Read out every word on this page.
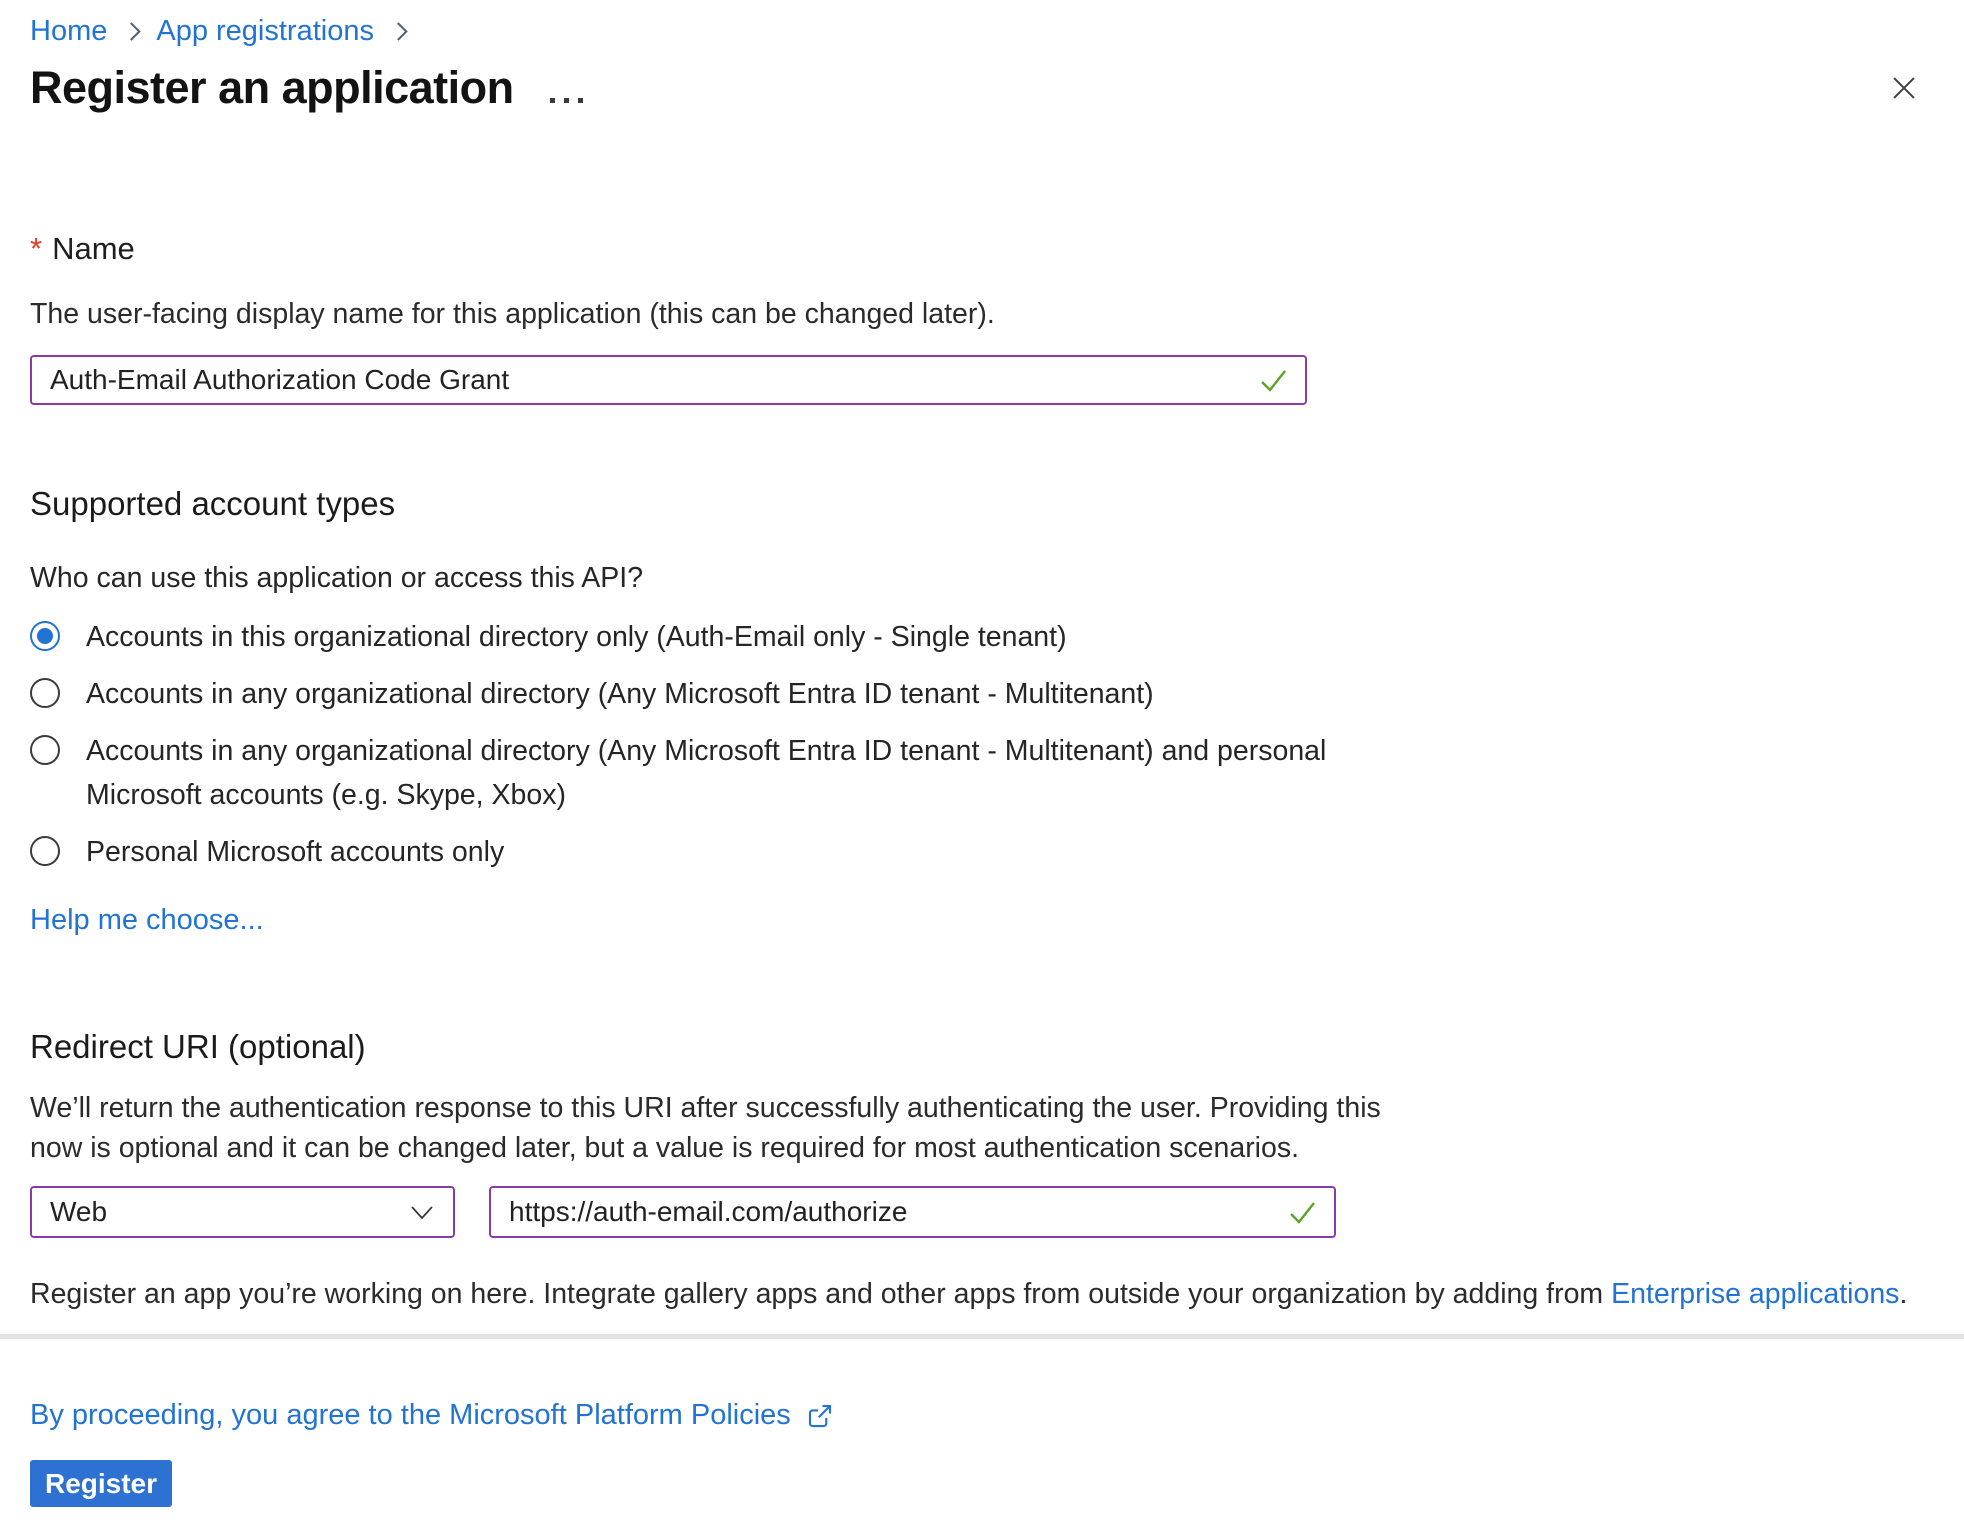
Home App registrations
Register an application
* Name
The user-facing display name for this application (this can be changed later).
Auth-Email Authorization Code Grant
Supported account types
Who can use this application or access this API?
Accounts in this organizational directory only (Auth-Email only - Single tenant)
Accounts in any organizational directory (Any Microsoft Entra ID tenant - Multitenant)
Accounts in any organizational directory (Any Microsoft Entra ID tenant - Multitenant) and personal Microsoft accounts (e.g. Skype, Xbox)
Personal Microsoft accounts only
Help me choose...
Redirect URI (optional)
We’ll return the authentication response to this URI after successfully authenticating the user. Providing this now is optional and it can be changed later, but a value is required for most authentication scenarios.
Web
https://auth-email.com/authorize
Register an app you’re working on here. Integrate gallery apps and other apps from outside your organization by adding from Enterprise applications.
By proceeding, you agree to the Microsoft Platform Policies
Register
